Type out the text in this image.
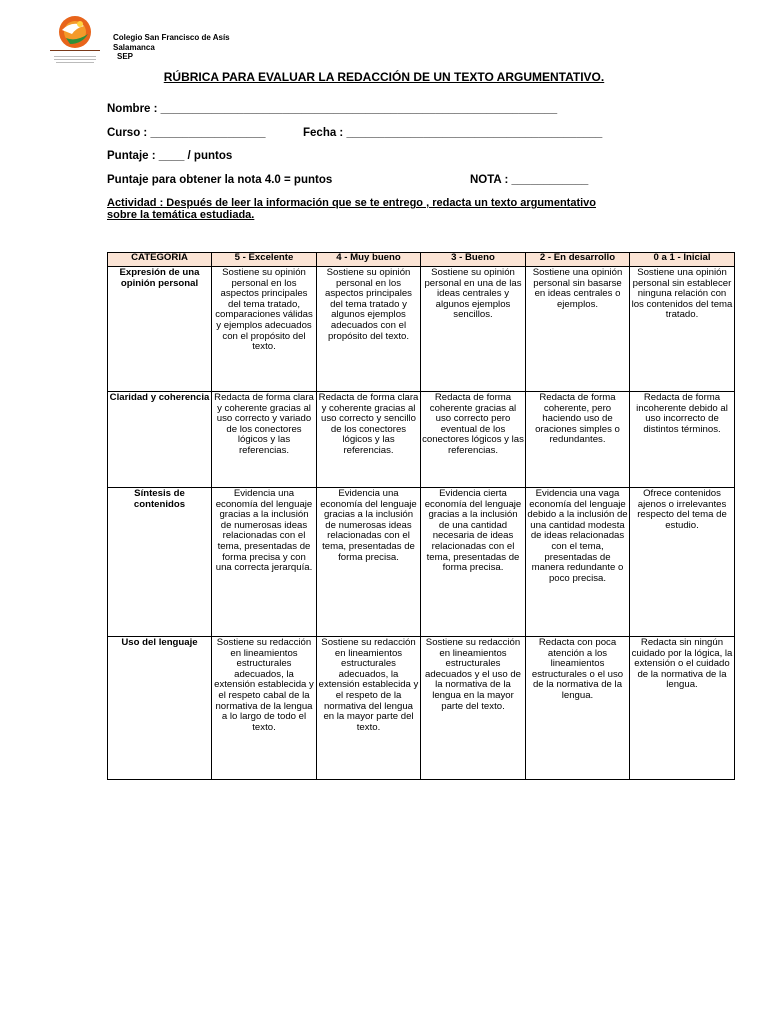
Colegio San Francisco de Asís
Salamanca
SEP
RÚBRICA PARA EVALUAR LA REDACCIÓN DE UN TEXTO ARGUMENTATIVO.
Nombre : ______________________________________________________________
Curso : __________________	Fecha : ________________________________________
Puntaje : ____ / puntos
Puntaje para obtener la nota 4.0 = puntos	NOTA : ____________
Actividad : Después de leer la información que se te entrego , redacta un texto argumentativo sobre la temática estudiada.
CATEGORIA	5 - Excelente	4 - Muy bueno	3 - Bueno	2 - En desarrollo	0 a 1 - Inicial
Expresión de una opinión personal	Sostiene su opinión personal en los aspectos principales del tema tratado, comparaciones válidas y ejemplos adecuados con el propósito del texto.	Sostiene su opinión personal en los aspectos principales del tema tratado y algunos ejemplos adecuados con el propósito del texto.	Sostiene su opinión personal en una de las ideas centrales y algunos ejemplos sencillos.	Sostiene una opinión personal sin basarse en ideas centrales o ejemplos.	Sostiene una opinión personal sin establecer ninguna relación con los contenidos del tema tratado.
Claridad y coherencia	Redacta de forma clara y coherente gracias al uso correcto y variado de los conectores lógicos y las referencias.	Redacta de forma clara y coherente gracias al uso correcto y sencillo de los conectores lógicos y las referencias.	Redacta de forma coherente gracias al uso correcto pero eventual de los conectores lógicos y las referencias.	Redacta de forma coherente, pero haciendo uso de oraciones simples o redundantes.	Redacta de forma incoherente debido al uso incorrecto de distintos términos.
Síntesis de contenidos	Evidencia una economía del lenguaje gracias a la inclusión de numerosas ideas relacionadas con el tema, presentadas de forma precisa y con una correcta jerarquía.	Evidencia una economía del lenguaje gracias a la inclusión de numerosas ideas relacionadas con el tema, presentadas de forma precisa.	Evidencia cierta economía del lenguaje gracias a la inclusión de una cantidad necesaria de ideas relacionadas con el tema, presentadas de forma precisa.	Evidencia una vaga economía del lenguaje debido a la inclusión de una cantidad modesta de ideas relacionadas con el tema, presentadas de manera redundante o poco precisa.	Ofrece contenidos ajenos o irrelevantes respecto del tema de estudio.
Uso del lenguaje	Sostiene su redacción en lineamientos estructurales adecuados, la extensión establecida y el respeto cabal de la normativa de la lengua a lo largo de todo el texto.	Sostiene su redacción en lineamientos estructurales adecuados, la extensión establecida y el respeto de la normativa del lengua en la mayor parte del texto.	Sostiene su redacción en lineamientos estructurales adecuados y el uso de la normativa de la lengua en la mayor parte del texto.	Redacta con poca atención a los lineamientos estructurales o el uso de la normativa de la lengua.	Redacta sin ningún cuidado por la lógica, la extensión o el cuidado de la normativa de la lengua.
